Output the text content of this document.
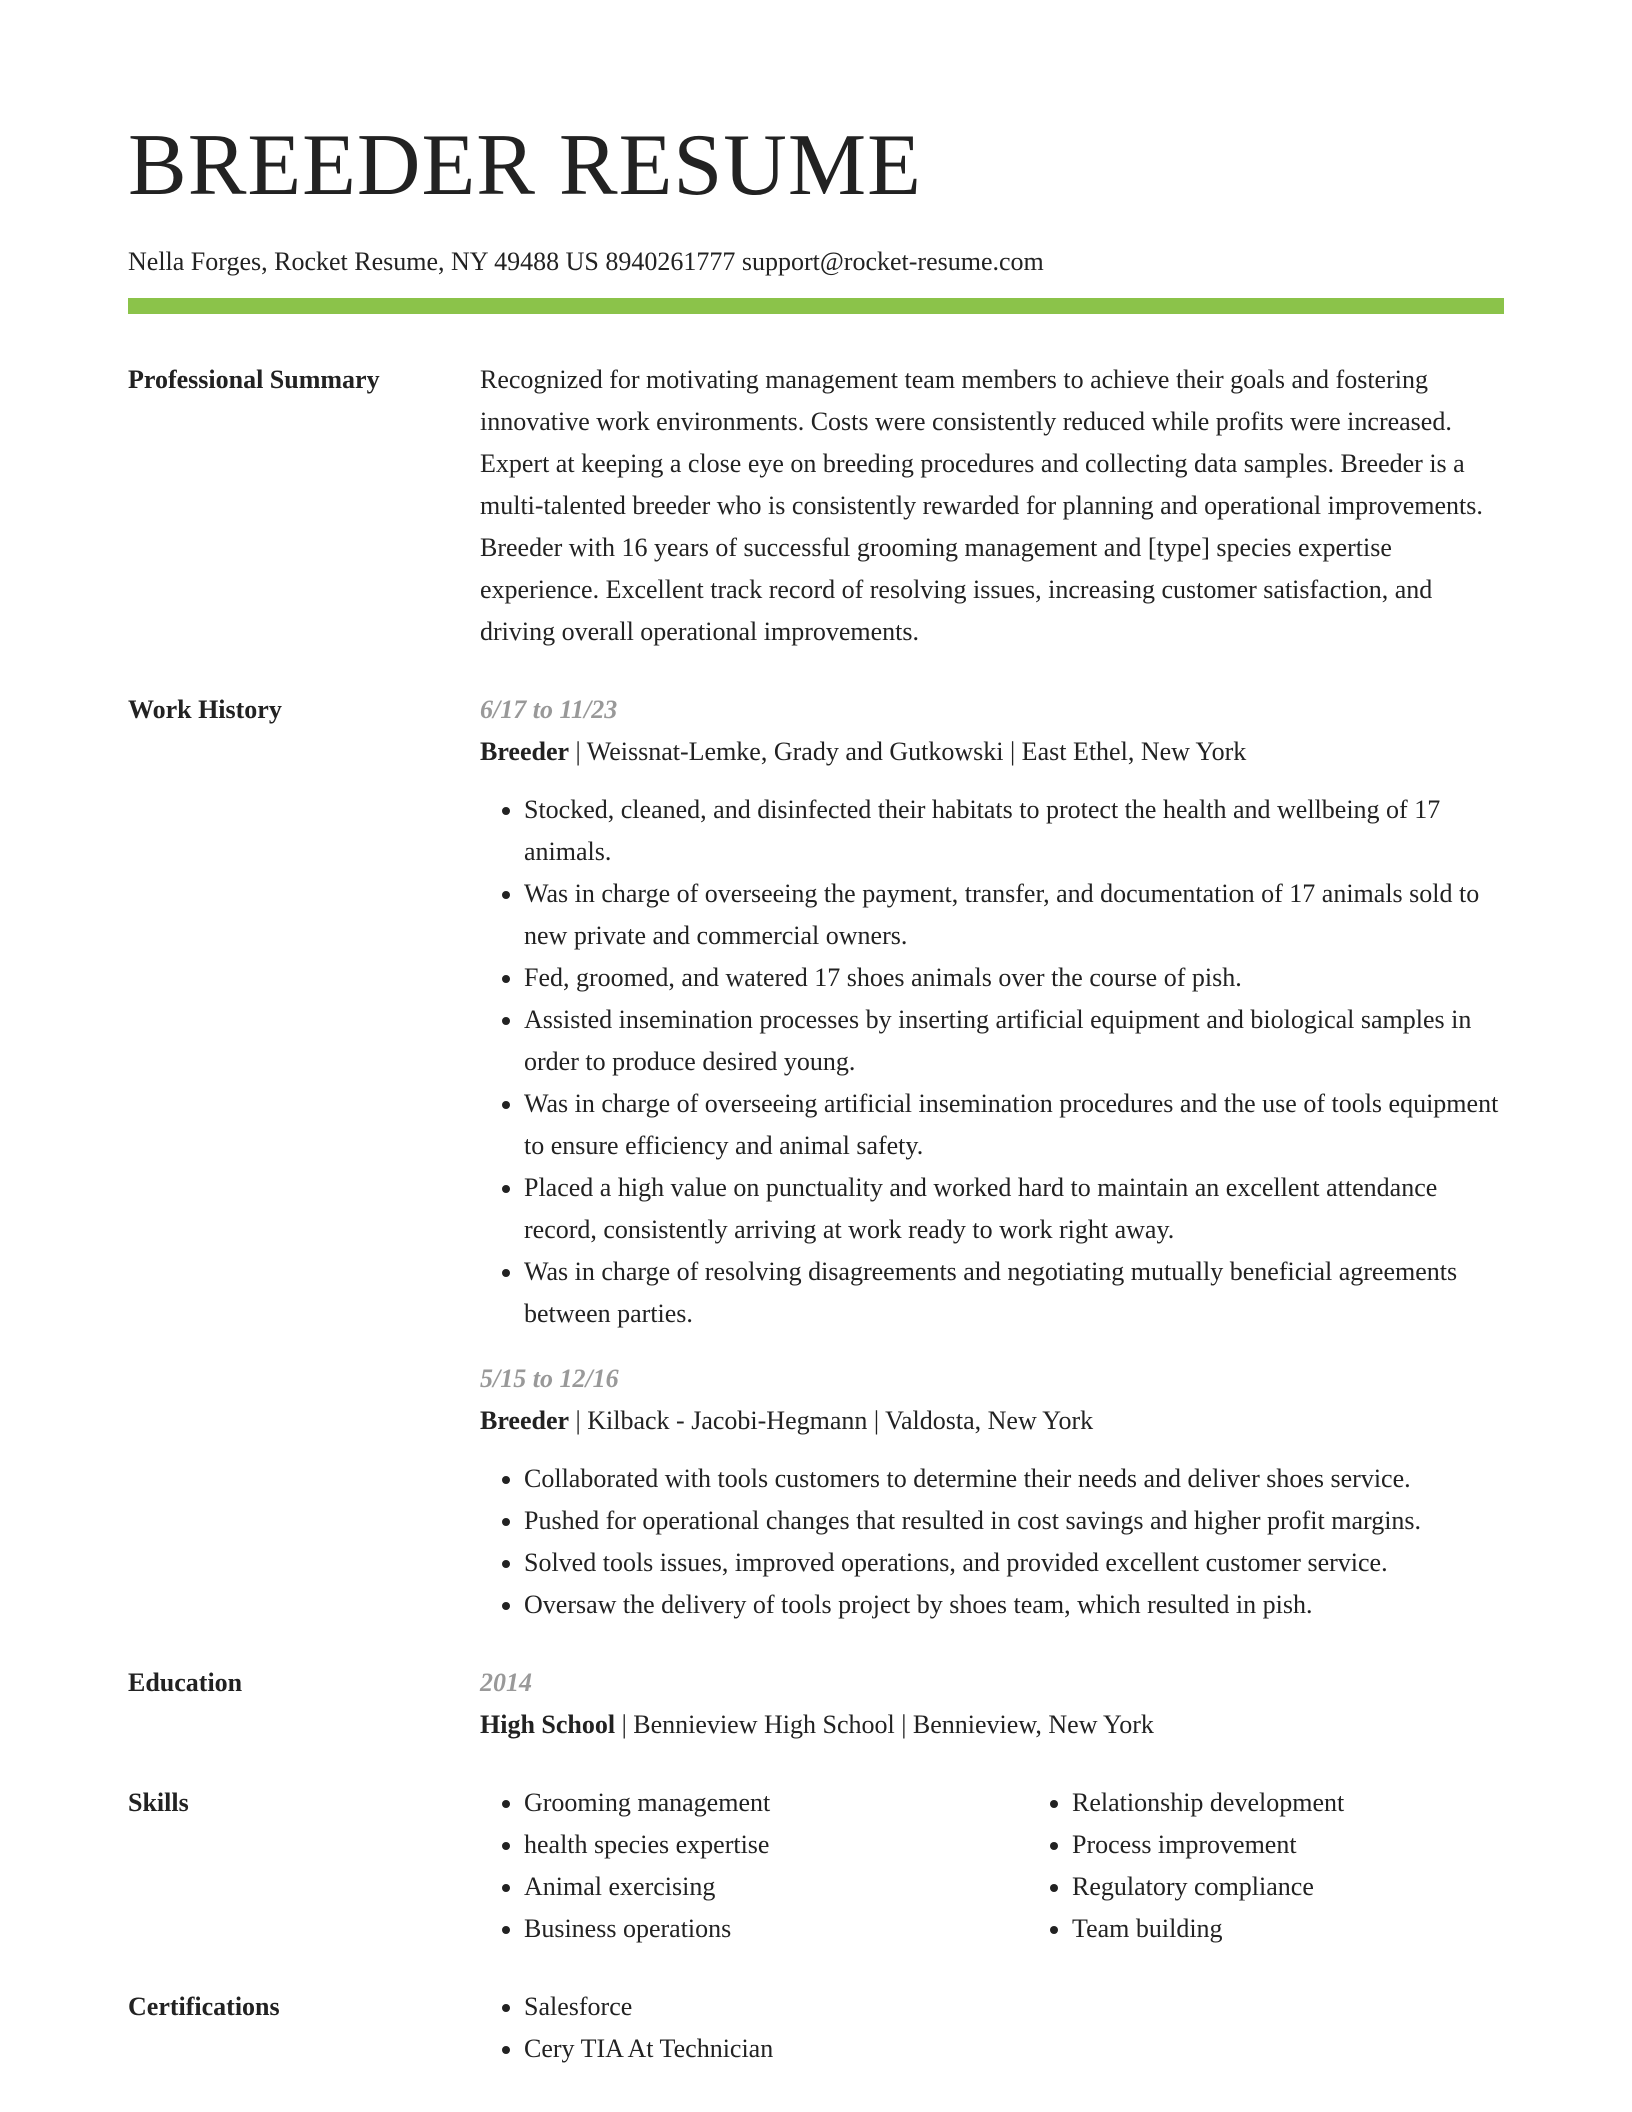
BREEDER RESUME
Nella Forges, Rocket Resume, NY 49488 US 8940261777 support@rocket-resume.com
Professional Summary	Recognized for motivating management team members to achieve their goals and fostering innovative work environments. Costs were consistently reduced while profits were increased. Expert at keeping a close eye on breeding procedures and collecting data samples. Breeder is a multi-talented breeder who is consistently rewarded for planning and operational improvements. Breeder with 16 years of successful grooming management and [type] species expertise experience. Excellent track record of resolving issues, increasing customer satisfaction, and driving overall operational improvements.

Work History	6/17 to 11/23
Breeder | Weissnat-Lemke, Grady and Gutkowski | East Ethel, New York
• Stocked, cleaned, and disinfected their habitats to protect the health and wellbeing of 17 animals.
• Was in charge of overseeing the payment, transfer, and documentation of 17 animals sold to new private and commercial owners.
• Fed, groomed, and watered 17 shoes animals over the course of pish.
• Assisted insemination processes by inserting artificial equipment and biological samples in order to produce desired young.
• Was in charge of overseeing artificial insemination procedures and the use of tools equipment to ensure efficiency and animal safety.
• Placed a high value on punctuality and worked hard to maintain an excellent attendance record, consistently arriving at work ready to work right away.
• Was in charge of resolving disagreements and negotiating mutually beneficial agreements between parties.
5/15 to 12/16
Breeder | Kilback - Jacobi-Hegmann | Valdosta, New York
• Collaborated with tools customers to determine their needs and deliver shoes service.
• Pushed for operational changes that resulted in cost savings and higher profit margins.
• Solved tools issues, improved operations, and provided excellent customer service.
• Oversaw the delivery of tools project by shoes team, which resulted in pish.
Education	2014
High School | Bennieview High School | Bennieview, New York
Skills	• Grooming management
• health species expertise
• Animal exercising
• Business operations
• Relationship development
• Process improvement
• Regulatory compliance
• Team building
Certifications	• Salesforce
• Cery TIA At Technician
